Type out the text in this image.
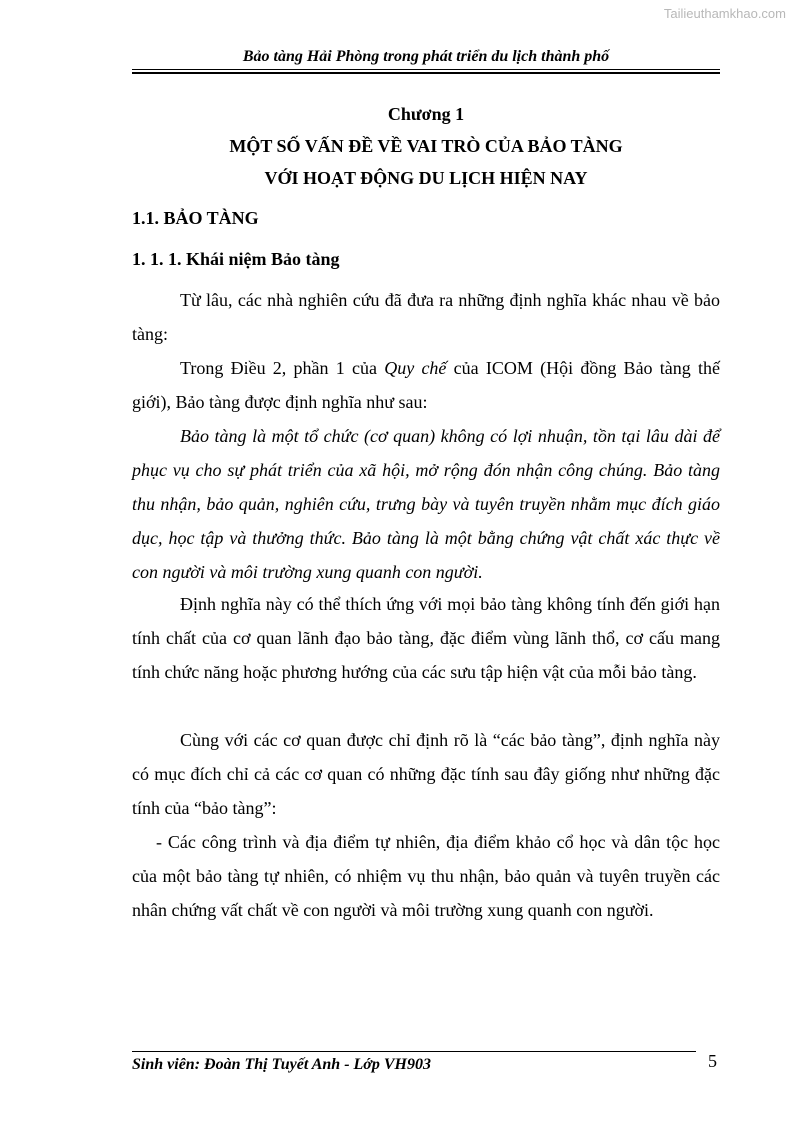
Tailieuthamkhao.com
Bảo tàng Hải Phòng trong phát triển du lịch thành phố
Chương 1
MỘT SỐ VẤN ĐỀ VỀ VAI TRÒ CỦA BẢO TÀNG
VỚI HOẠT ĐỘNG DU LỊCH HIỆN NAY
1.1. BẢO TÀNG
1. 1. 1. Khái niệm Bảo tàng

Từ lâu, các nhà nghiên cứu đã đưa ra những định nghĩa khác nhau về bảo tàng:

Trong Điều 2, phần 1 của Quy chế của ICOM (Hội đồng Bảo tàng thế giới), Bảo tàng được định nghĩa như sau:

Bảo tàng là một tổ chức (cơ quan) không có lợi nhuận, tồn tại lâu dài để phục vụ cho sự phát triển của xã hội, mở rộng đón nhận công chúng. Bảo tàng thu nhận, bảo quản, nghiên cứu, trưng bày và tuyên truyền nhằm mục đích giáo dục, học tập và thưởng thức. Bảo tàng là một bằng chứng vật chất xác thực về con người và môi trường xung quanh con người.

Định nghĩa này có thể thích ứng với mọi bảo tàng không tính đến giới hạn tính chất của cơ quan lãnh đạo bảo tàng, đặc điểm vùng lãnh thổ, cơ cấu mang tính chức năng hoặc phương hướng của các sưu tập hiện vật của mỗi bảo tàng.

Cùng với các cơ quan được chỉ định rõ là “các bảo tàng”, định nghĩa này có mục đích chỉ cả các cơ quan có những đặc tính sau đây giống như những đặc tính của “bảo tàng”:

- Các công trình và địa điểm tự nhiên, địa điểm khảo cổ học và dân tộc học của một bảo tàng tự nhiên, có nhiệm vụ thu nhận, bảo quản và tuyên truyền các nhân chứng vất chất về con người và môi trường xung quanh con người.

Sinh viên: Đoàn Thị Tuyết Anh - Lớp VH903	5
